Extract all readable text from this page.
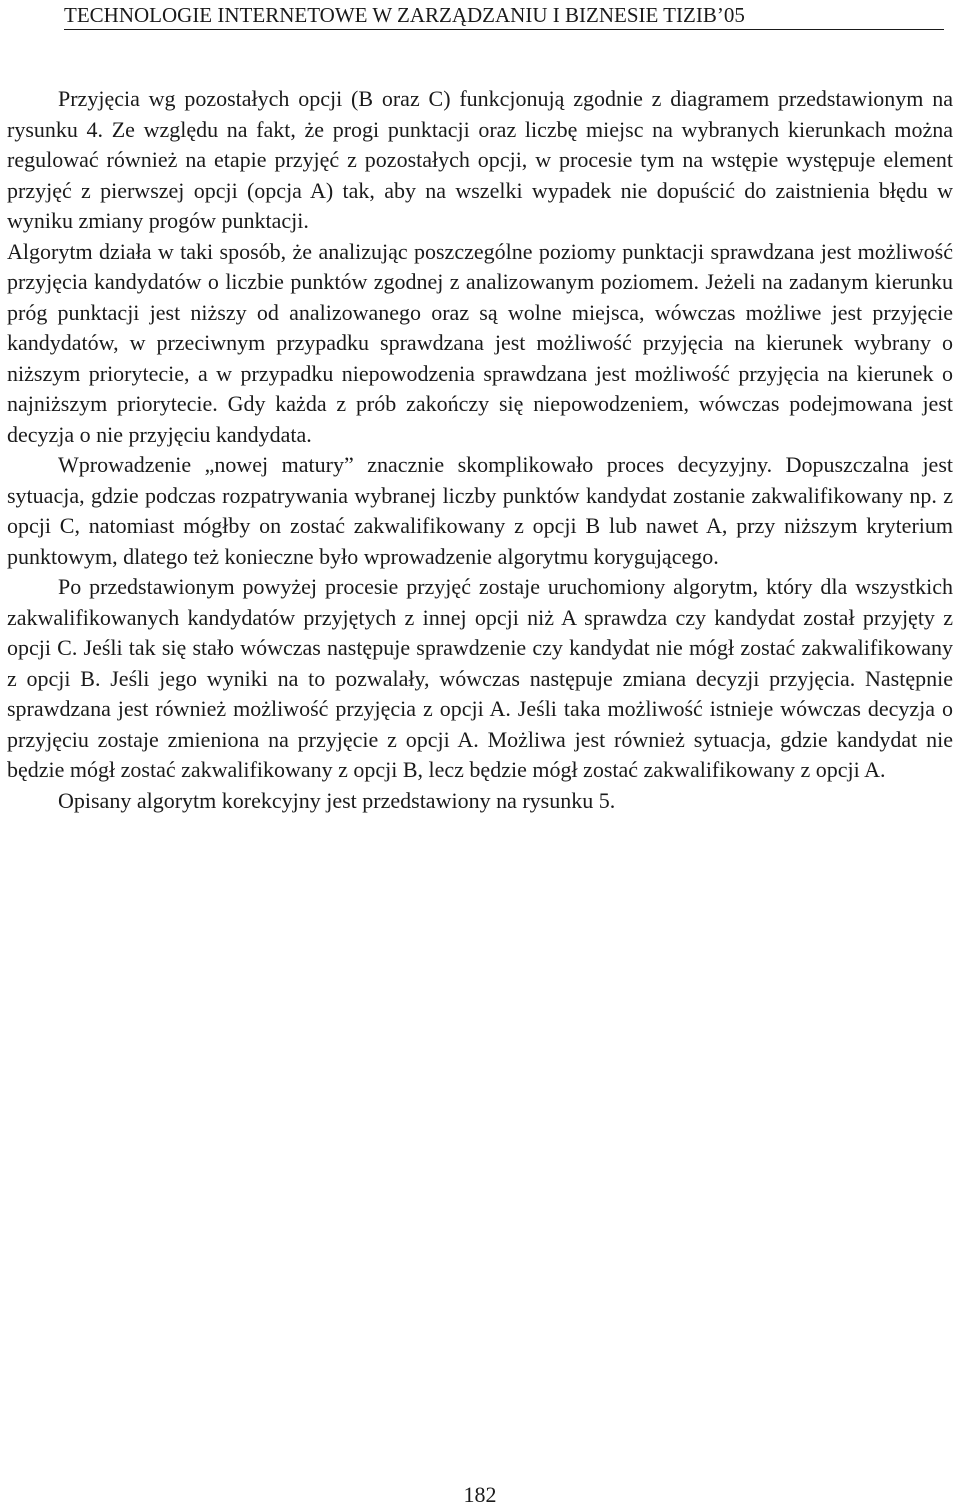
TECHNOLOGIE INTERNETOWE W ZARZĄDZANIU I BIZNESIE TIZIB’05

Przyjęcia wg pozostałych opcji (B oraz C) funkcjonują zgodnie z diagramem przedstawionym na rysunku 4. Ze względu na fakt, że progi punktacji oraz liczbę miejsc na wybranych kierunkach można regulować również na etapie przyjęć z pozostałych opcji, w procesie tym na wstępie występuje element przyjęć z pierwszej opcji (opcja A) tak, aby na wszelki wypadek nie dopuścić do zaistnienia błędu w wyniku zmiany progów punktacji.

Algorytm działa w taki sposób, że analizując poszczególne poziomy punktacji sprawdzana jest możliwość przyjęcia kandydatów o liczbie punktów zgodnej z analizowanym poziomem. Jeżeli na zadanym kierunku próg punktacji jest niższy od analizowanego oraz są wolne miejsca, wówczas możliwe jest przyjęcie kandydatów, w przeciwnym przypadku sprawdzana jest możliwość przyjęcia na kierunek wybrany o niższym priorytecie, a w przypadku niepowodzenia sprawdzana jest możliwość przyjęcia na kierunek o najniższym priorytecie. Gdy każda z prób zakończy się niepowodzeniem, wówczas podejmowana jest decyzja o nie przyjęciu kandydata.

Wprowadzenie „nowej matury” znacznie skomplikowało proces decyzyjny. Dopuszczalna jest sytuacja, gdzie podczas rozpatrywania wybranej liczby punktów kandydat zostanie zakwalifikowany np. z opcji C, natomiast mógłby on zostać zakwalifikowany z opcji B lub nawet A, przy niższym kryterium punktowym, dlatego też konieczne było wprowadzenie algorytmu korygującego.

Po przedstawionym powyżej procesie przyjęć zostaje uruchomiony algorytm, który dla wszystkich zakwalifikowanych kandydatów przyjętych z innej opcji niż A sprawdza czy kandydat został przyjęty z opcji C. Jeśli tak się stało wówczas następuje sprawdzenie czy kandydat nie mógł zostać zakwalifikowany z opcji B. Jeśli jego wyniki na to pozwalały, wówczas następuje zmiana decyzji przyjęcia. Następnie sprawdzana jest również możliwość przyjęcia z opcji A. Jeśli taka możliwość istnieje wówczas decyzja o przyjęciu zostaje zmieniona na przyjęcie z opcji A. Możliwa jest również sytuacja, gdzie kandydat nie będzie mógł zostać zakwalifikowany z opcji B, lecz będzie mógł zostać zakwalifikowany z opcji A.

Opisany algorytm korekcyjny jest przedstawiony na rysunku 5.

182
